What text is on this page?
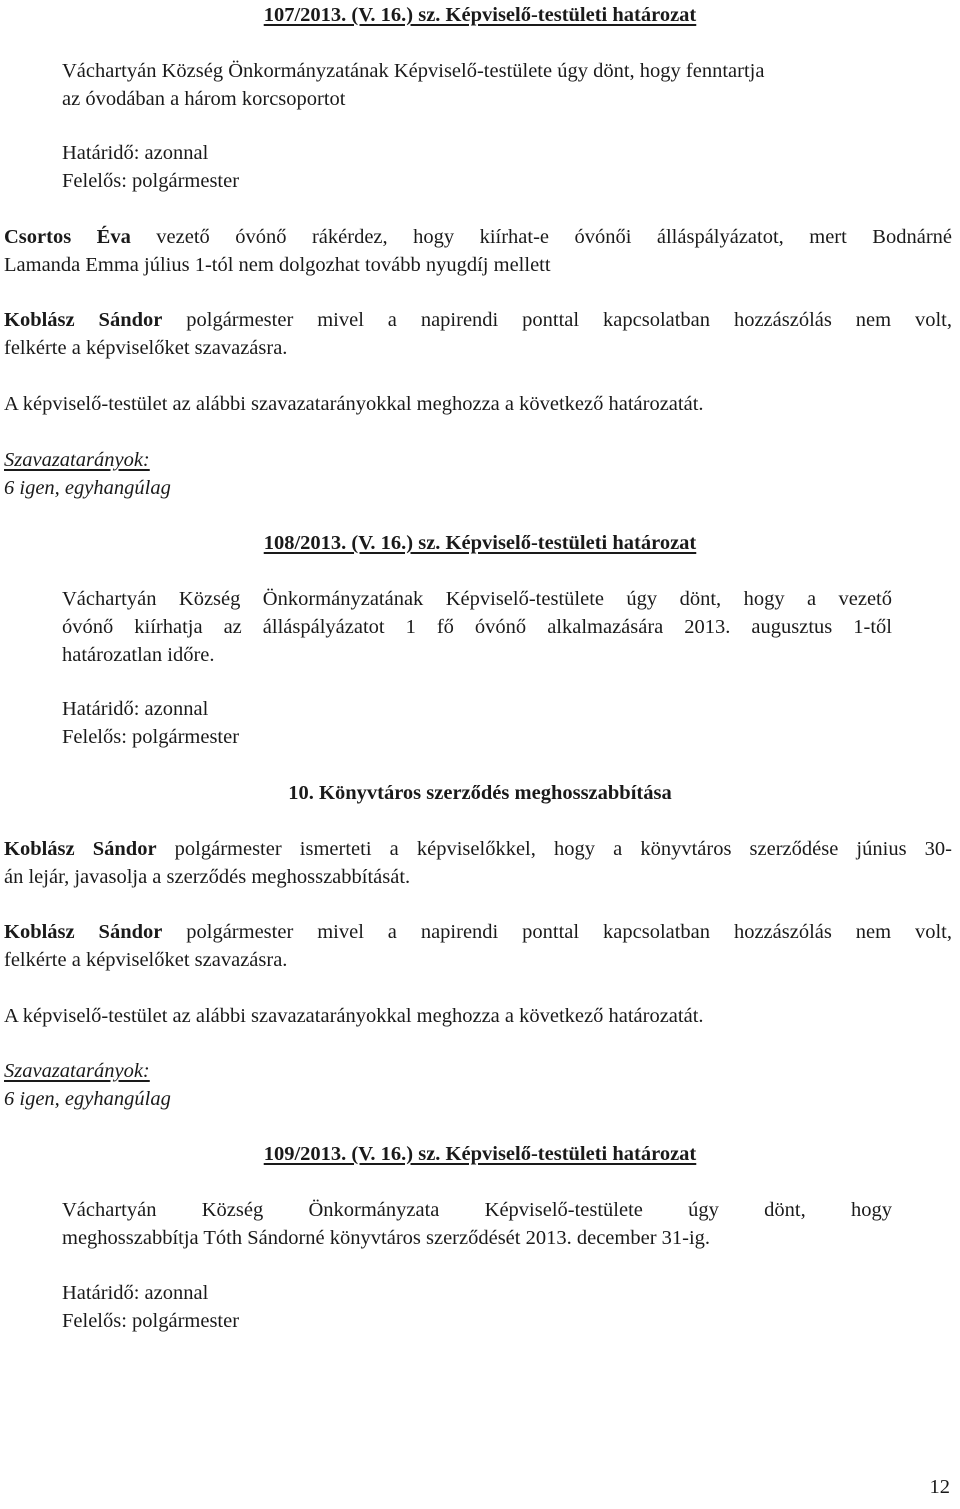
107/2013. (V. 16.) sz. Képviselő-testületi határozat
Váchartyán Község Önkormányzatának Képviselő-testülete úgy dönt, hogy fenntartja
az óvodában a három korcsoportot
Határidő: azonnal
Felelős: polgármester
Csortos Éva vezető óvónő rákérdez, hogy kiírhat-e óvónői álláspályázatot, mert Bodnárné
Lamanda Emma július 1-tól nem dolgozhat tovább nyugdíj mellett
Koblász Sándor polgármester mivel a napirendi ponttal kapcsolatban hozzászólás nem volt,
felkérte a képviselőket szavazásra.
A képviselő-testület az alábbi szavazatarányokkal meghozza a következő határozatát.
Szavazatarányok:
6 igen, egyhangúlag
108/2013. (V. 16.) sz. Képviselő-testületi határozat
Váchartyán Község Önkormányzatának Képviselő-testülete úgy dönt, hogy a vezető
óvónő kiírhatja az álláspályázatot 1 fő óvónő alkalmazására 2013. augusztus 1-től
határozatlan időre.
Határidő: azonnal
Felelős: polgármester
10. Könyvtáros szerződés meghosszabbítása
Koblász Sándor polgármester ismerteti a képviselőkkel, hogy a könyvtáros szerződése június 30-
án lejár, javasolja a szerződés meghosszabbítását.
Koblász Sándor polgármester mivel a napirendi ponttal kapcsolatban hozzászólás nem volt,
felkérte a képviselőket szavazásra.
A képviselő-testület az alábbi szavazatarányokkal meghozza a következő határozatát.
Szavazatarányok:
6 igen, egyhangúlag
109/2013. (V. 16.) sz. Képviselő-testületi határozat
Váchartyán Község Önkormányzata Képviselő-testülete úgy dönt, hogy
meghosszabbítja Tóth Sándorné könyvtáros szerződését 2013. december 31-ig.
Határidő: azonnal
Felelős: polgármester
12
